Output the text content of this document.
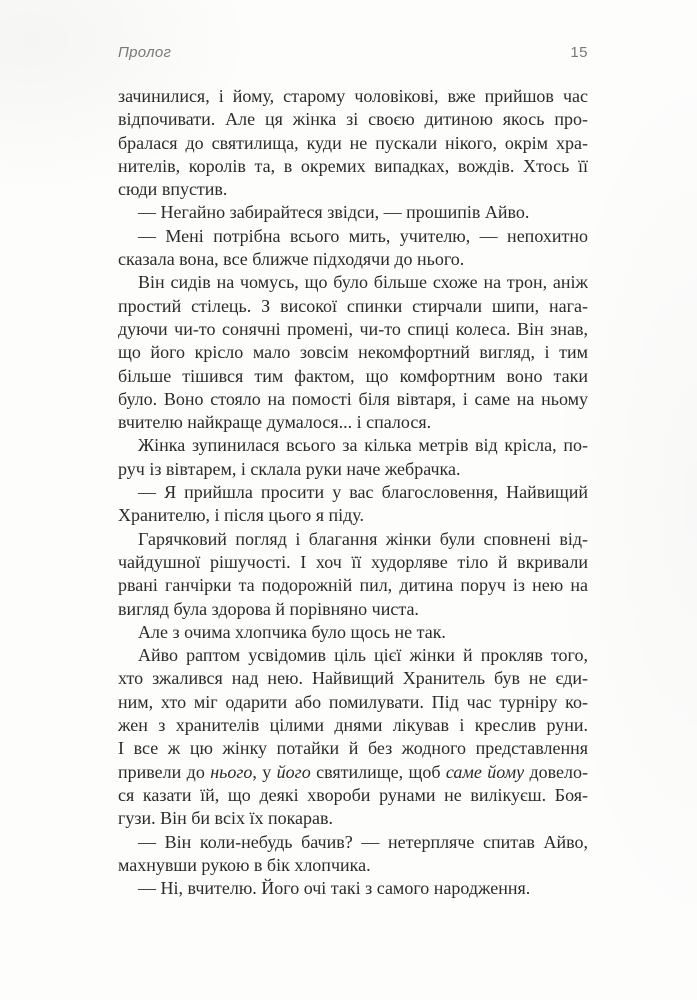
Пролог	15
зачинилися, і йому, старому чоловікові, вже прийшов час
відпочивати. Але ця жінка зі своєю дитиною якось про-
бралася до святилища, куди не пускали нікого, окрім хра-
нителів, королів та, в окремих випадках, вождів. Хтось її
сюди впустив.
— Негайно забирайтеся звідси, — прошипів Айво.
— Мені потрібна всього мить, учителю, — непохитно
сказала вона, все ближче підходячи до нього.
Він сидів на чомусь, що було більше схоже на трон, аніж
простий стілець. З високої спинки стирчали шипи, нага-
дуючи чи-то сонячні промені, чи-то спиці колеса. Він знав,
що його крісло мало зовсім некомфортний вигляд, і тим
більше тішився тим фактом, що комфортним воно таки
було. Воно стояло на помості біля вівтаря, і саме на ньому
вчителю найкраще думалося... і спалося.
Жінка зупинилася всього за кілька метрів від крісла, по-
руч із вівтарем, і склала руки наче жебрачка.
— Я прийшла просити у вас благословення, Найвищий
Хранителю, і після цього я піду.
Гарячковий погляд і благання жінки були сповнені від-
чайдушної рішучості. І хоч її худорляве тіло й вкривали
рвані ганчірки та подорожній пил, дитина поруч із нею на
вигляд була здорова й порівняно чиста.
Але з очима хлопчика було щось не так.
Айво раптом усвідомив ціль цієї жінки й прокляв того,
хто зжалився над нею. Найвищий Хранитель був не єди-
ним, хто міг одарити або помилувати. Під час турніру ко-
жен з хранителів цілими днями лікував і креслив руни.
І все ж цю жінку потайки й без жодного представлення
привели до нього, у його святилище, щоб саме йому довело-
ся казати їй, що деякі хвороби рунами не вилікуєш. Боя-
гузи. Він би всіх їх покарав.
— Він коли-небудь бачив? — нетерпляче спитав Айво,
махнувши рукою в бік хлопчика.
— Ні, вчителю. Його очі такі з самого народження.
